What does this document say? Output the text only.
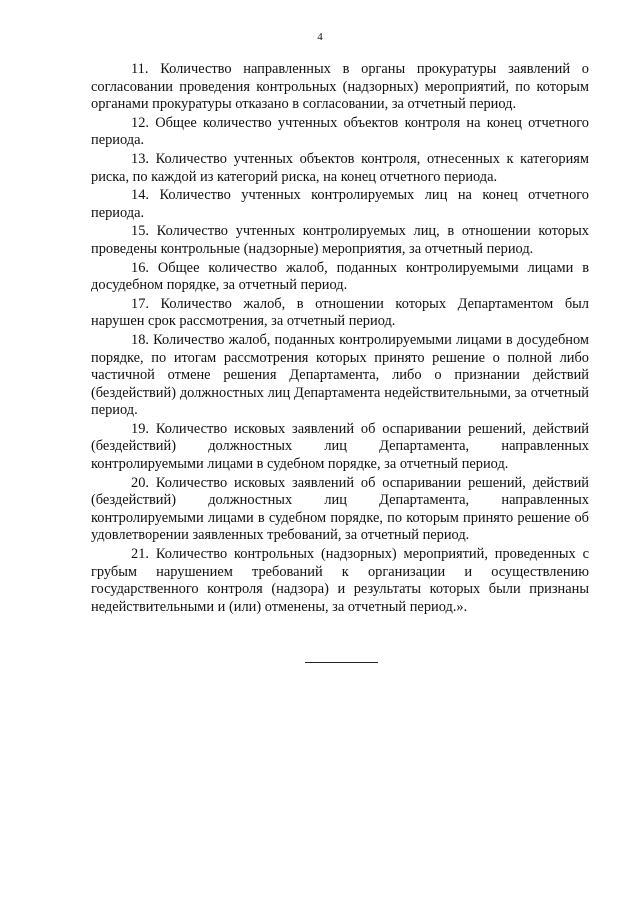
4

11. Количество направленных в органы прокуратуры заявлений о согласовании проведения контрольных (надзорных) мероприятий, по которым органами прокуратуры отказано в согласовании, за отчетный период.

12. Общее количество учтенных объектов контроля на конец отчетного периода.

13. Количество учтенных объектов контроля, отнесенных к категориям риска, по каждой из категорий риска, на конец отчетного периода.

14. Количество учтенных контролируемых лиц на конец отчетного периода.

15. Количество учтенных контролируемых лиц, в отношении которых проведены контрольные (надзорные) мероприятия, за отчетный период.

16. Общее количество жалоб, поданных контролируемыми лицами в досудебном порядке, за отчетный период.

17. Количество жалоб, в отношении которых Департаментом был нарушен срок рассмотрения, за отчетный период.

18. Количество жалоб, поданных контролируемыми лицами в досудебном порядке, по итогам рассмотрения которых принято решение о полной либо частичной отмене решения Департамента, либо о признании действий (бездействий) должностных лиц Департамента недействительными, за отчетный период.

19. Количество исковых заявлений об оспаривании решений, действий (бездействий) должностных лиц Департамента, направленных контролируемыми лицами в судебном порядке, за отчетный период.

20. Количество исковых заявлений об оспаривании решений, действий (бездействий) должностных лиц Департамента, направленных контролируемыми лицами в судебном порядке, по которым принято решение об удовлетворении заявленных требований, за отчетный период.

21. Количество контрольных (надзорных) мероприятий, проведенных с грубым нарушением требований к организации и осуществлению государственного контроля (надзора) и результаты которых были признаны недействительными и (или) отменены, за отчетный период.».
